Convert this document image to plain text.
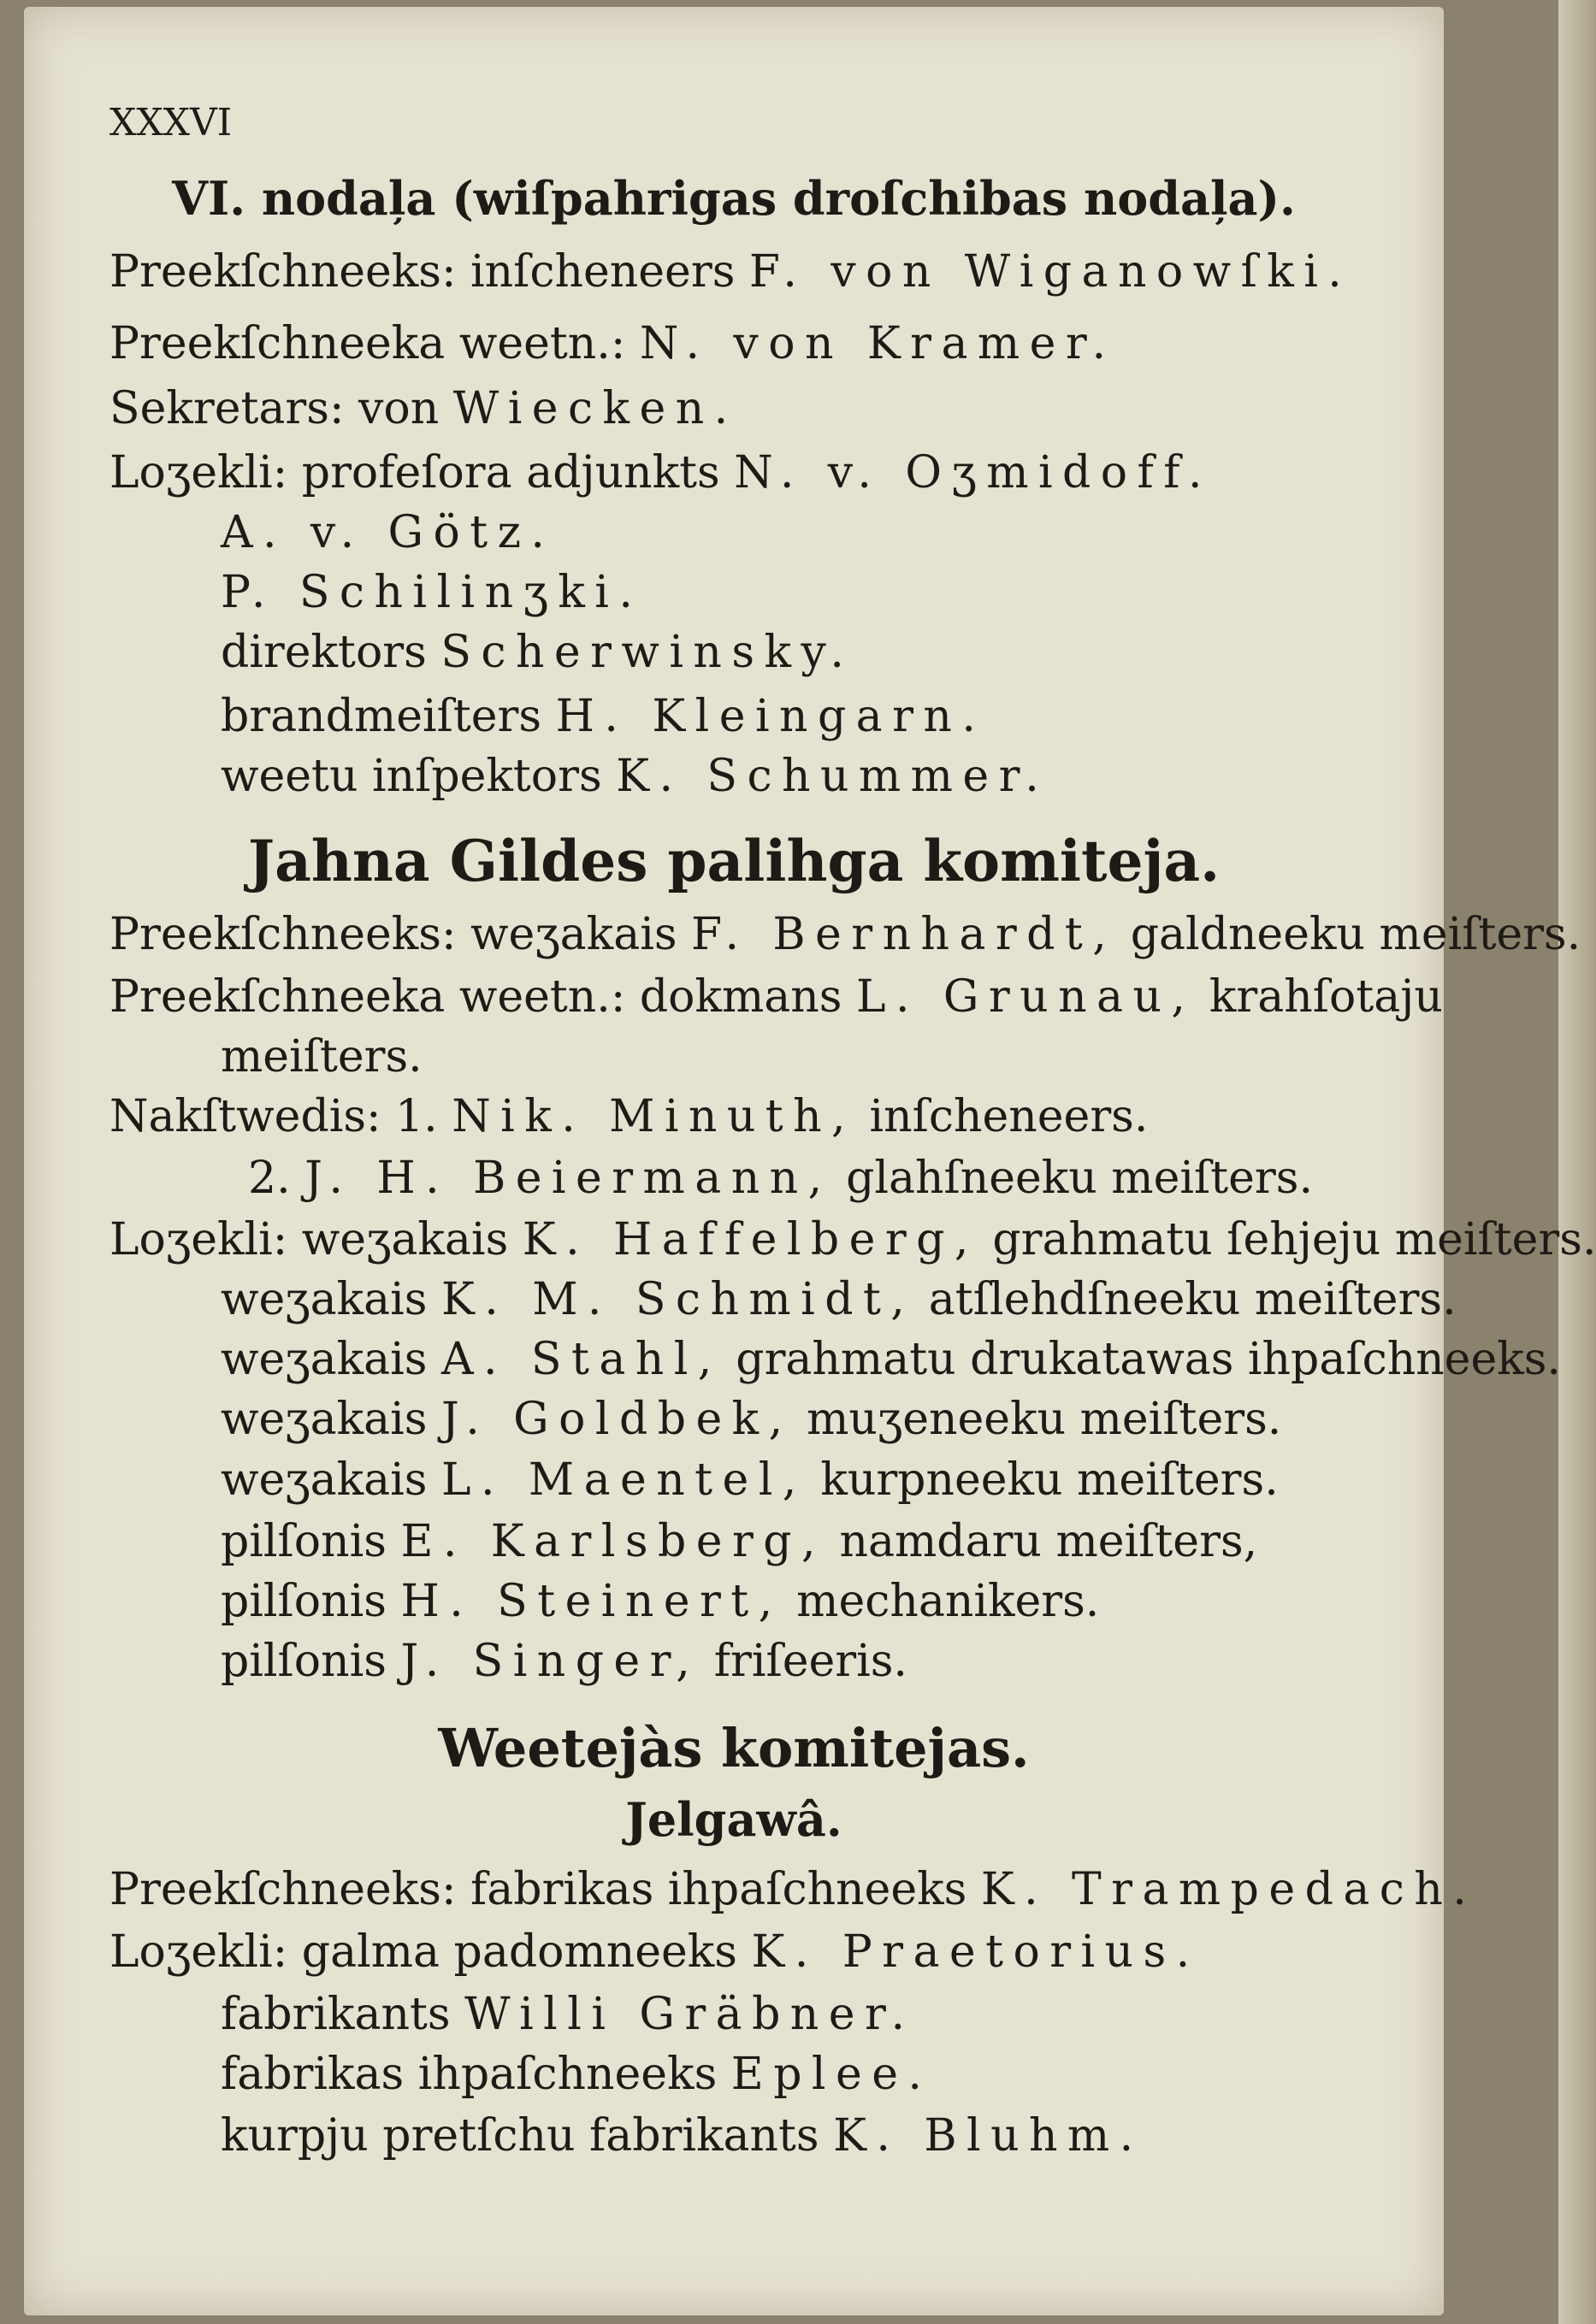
XXXVI
VI. nodaļa (wiſpahrigas droſchibas nodaļa).
Preekſchneeks: inſcheneers F. von Wiganowſki.
Preekſchneeka weetn.: N. von Kramer.
Sekretars: von Wiecken.
Loʒekli: profeſora adjunkts N. v. Oʒmidoff.
A. v. Götz.
P. Schilinʒki.
direktors Scherwinsky.
brandmeiſters H. Kleingarn.
weetu inſpektors K. Schummer.
Jahna Gildes palihga komiteja.
Preekſchneeks: weʒakais F. Bernhardt, galdneeku meiſters.
Preekſchneeka weetn.: dokmans L. Grunau, krahſotaju
meiſters.
Nakſtwedis: 1. Nik. Minuth, inſcheneers.
2. J. H. Beiermann, glahſneeku meiſters.
Loʒekli: weʒakais K. Haffelberg, grahmatu ſehjeju meiſters.
weʒakais K. M. Schmidt, atſlehdſneeku meiſters.
weʒakais A. Stahl, grahmatu drukatawas ihpaſchneeks.
weʒakais J. Goldbek, muʒeneeku meiſters.
weʒakais L. Maentel, kurpneeku meiſters.
pilſonis E. Karlsberg, namdaru meiſters,
pilſonis H. Steinert, mechanikers.
pilſonis J. Singer, friſeeris.
Weetejàs komitejas.
Jelgawâ.
Preekſchneeks: fabrikas ihpaſchneeks K. Trampedach.
Loʒekli: galma padomneeks K. Praetorius.
fabrikants Willi Gräbner.
fabrikas ihpaſchneeks Eplee.
kurpju pretſchu fabrikants K. Bluhm.
